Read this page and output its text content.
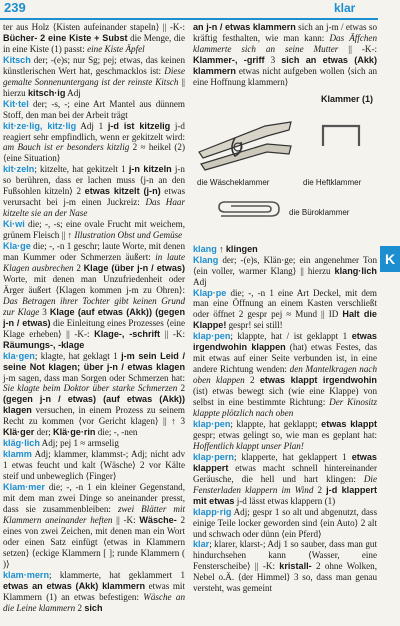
239	klar
K

ter aus Holz ⟨Kisten aufeinander stapeln⟩ || -K-: Bücher- 2 eine Kiste + Subst die Menge, die in eine Kiste (1) passt: eine Kiste Äpfel

Kitsch der; -(e)s; nur Sg; pej; etwas, das keinen künstlerischen Wert hat, geschmacklos ist: Diese gemalte Sonnenuntergang ist der reinste Kitsch || hierzu kitsch·ig Adj

Kit·tel der; -s, -; eine Art Mantel aus dünnem Stoff, den man bei der Arbeit trägt

kit·ze·lig, kitz·lig Adj 1 j-d ist kitzelig j-d reagiert sehr empfindlich, wenn er gekitzelt wird: am Bauch ist er besonders kitzlig 2 ≈ heikel (2) ⟨eine Situation⟩

kit·zeln; kitzelte, hat gekitzelt 1 j-n kitzeln j-n so berühren, dass er lachen muss ⟨j-n an den Fußsohlen kitzeln⟩ 2 etwas kitzelt (j-n) etwas verursacht bei j-m einen Juckreiz: Das Haar kitzelte sie an der Nase

Ki·wi die; -, -s; eine ovale Frucht mit weichem, grünem Fleisch || ↑ Illustration Obst und Gemüse

Kla·ge die; -, -n 1 geschr; laute Worte, mit denen man Kummer oder Schmerzen äußert: in laute Klagen ausbrechen 2 Klage (über j-n / etwas) Worte, mit denen man Unzufriedenheit oder Ärger äußert ⟨Klagen kommen j-m zu Ohren⟩: Das Betragen ihrer Tochter gibt keinen Grund zur Klage 3 Klage (auf etwas (Akk)) (gegen j-n / etwas) die Einleitung eines Prozesses ⟨eine Klage erheben⟩ || -K-: Klage-, -schrift || -K: Räumungs-, -klage

kla·gen; klagte, hat geklagt 1 j-m sein Leid / seine Not klagen; über j-n / etwas klagen j-m sagen, dass man Sorgen oder Schmerzen hat: Sie klagte beim Doktor über starke Schmerzen 2 (gegen j-n / etwas) (auf etwas (Akk)) klagen versuchen, in einem Prozess zu seinem Recht zu kommen ⟨vor Gericht klagen⟩ || ↑ 3 Klä·ger der; Klä·ge·rin die; -, -nen

kläg·lich Adj; pej 1 ≈ armselig

klamm Adj; klammer, klammst-; Adj; nicht adv 1 etwas feucht und kalt ⟨Wäsche⟩ 2 vor Kälte steif und unbeweglich ⟨Finger⟩

Klam·mer die; -, -n 1 ein kleiner Gegenstand, mit dem man zwei Dinge so aneinander presst, dass sie zusammenbleiben: zwei Blätter mit Klammern aneinander heften || -K: Wäsche- 2 eines von zwei Zeichen, mit denen man ein Wort oder einen Satz einfügt ⟨etwas in Klammern setzen⟩ ⟨eckige Klammern [ ]; runde Klammern ( )⟩

klam·mern; klammerte, hat geklammert 1 etwas an etwas (Akk) klammern etwas mit Klammern (1) an etwas befestigen: Wäsche an die Leine klammern 2 sich

an j-n / etwas klammern sich an j-m / etwas so kräftig festhalten, wie man kann: Das Äffchen klammerte sich an seine Mutter || -K-: Klammer-, -griff 3 sich an etwas (Akk) klammern etwas nicht aufgeben wollen ⟨sich an eine Hoffnung klammern⟩

Klammer (1)
die Wäscheklammer	die Heftklammer
die Büroklammer

klang ↑ klingen

Klang der; -(e)s, Klän·ge; ein angenehmer Ton ⟨ein voller, warmer Klang⟩ || hierzu klang·lich Adj

Klap·pe die; -, -n 1 eine Art Deckel, mit dem man eine Öffnung an einem Kasten verschließt oder öffnet 2 gespr pej ≈ Mund || ID Halt die Klappe! gespr! sei still!

klap·pen; klappte, hat / ist geklappt 1 etwas irgendwohin klappen (hat) etwas Festes, das mit etwas auf einer Seite verbunden ist, in eine andere Richtung wenden: den Mantelkragen nach oben klappen 2 etwas klappt irgendwohin (ist) etwas bewegt sich (wie eine Klappe) von selbst in eine bestimmte Richtung: Der Kinositz klappte plötzlich nach oben

klap·pen; klappte, hat geklappt; etwas klappt gespr; etwas gelingt so, wie man es geplant hat: Hoffentlich klappt unser Plan!

klap·pern; klapperte, hat geklappert 1 etwas klappert etwas macht schnell hintereinander Geräusche, die hell und hart klingen: Die Fensterladen klappern im Wind 2 j-d klappert mit etwas j-d lässt etwas klappern (1)

klapp·rig Adj; gespr 1 so alt und abgenutzt, dass einige Teile locker geworden sind ⟨ein Auto⟩ 2 alt und schwach oder dünn ⟨ein Pferd⟩

klar; klarer, klarst-; Adj 1 so sauber, dass man gut hindurchsehen kann ⟨Wasser, eine Fensterscheibe⟩ || -K: kristall- 2 ohne Wolken, Nebel o.Ä. ⟨der Himmel⟩ 3 so, dass man genau versteht, was gemeint
